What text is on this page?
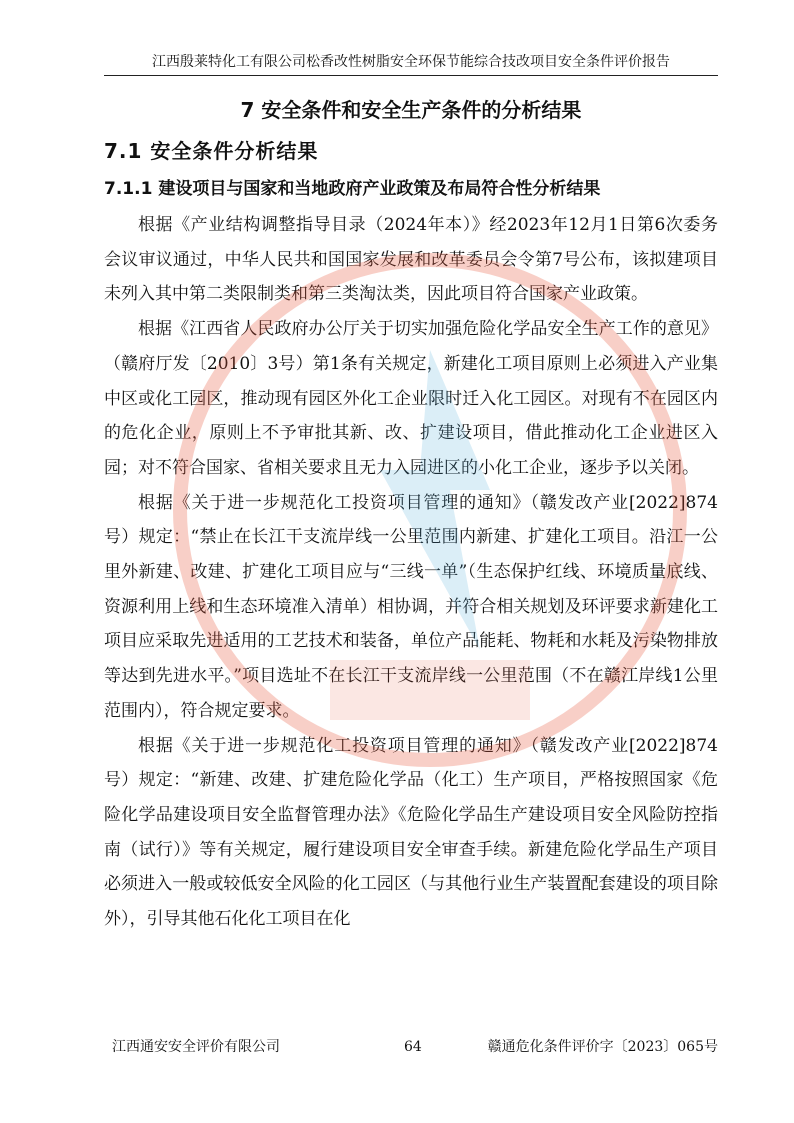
江西殷莱特化工有限公司松香改性树脂安全环保节能综合技改项目安全条件评价报告
7 安全条件和安全生产条件的分析结果
7.1 安全条件分析结果
7.1.1 建设项目与国家和当地政府产业政策及布局符合性分析结果

根据《产业结构调整指导目录（2024年本）》经2023年12月1日第6次委务会议审议通过，中华人民共和国国家发展和改革委员会令第7号公布，该拟建项目未列入其中第二类限制类和第三类淘汰类，因此项目符合国家产业政策。

根据《江西省人民政府办公厅关于切实加强危险化学品安全生产工作的意见》（赣府厅发〔2010〕3号）第1条有关规定，新建化工项目原则上必须进入产业集中区或化工园区，推动现有园区外化工企业限时迁入化工园区。对现有不在园区内的危化企业，原则上不予审批其新、改、扩建设项目，借此推动化工企业进区入园；对不符合国家、省相关要求且无力入园进区的小化工企业，逐步予以关闭。

根据《关于进一步规范化工投资项目管理的通知》（赣发改产业[2022]874号）规定：“禁止在长江干支流岸线一公里范围内新建、扩建化工项目。沿江一公里外新建、改建、扩建化工项目应与“三线一单”（生态保护红线、环境质量底线、资源利用上线和生态环境准入清单）相协调，并符合相关规划及环评要求新建化工项目应采取先进适用的工艺技术和装备，单位产品能耗、物耗和水耗及污染物排放等达到先进水平。”项目选址不在长江干支流岸线一公里范围（不在赣江岸线1公里范围内），符合规定要求。

根据《关于进一步规范化工投资项目管理的通知》（赣发改产业[2022]874号）规定：“新建、改建、扩建危险化学品（化工）生产项目，严格按照国家《危险化学品建设项目安全监督管理办法》《危险化学品生产建设项目安全风险防控指南（试行）》等有关规定，履行建设项目安全审查手续。新建危险化学品生产项目必须进入一般或较低安全风险的化工园区（与其他行业生产装置配套建设的项目除外），引导其他石化化工项目在化

江西通安安全评价有限公司	64	赣通危化条件评价字〔2023〕065号
